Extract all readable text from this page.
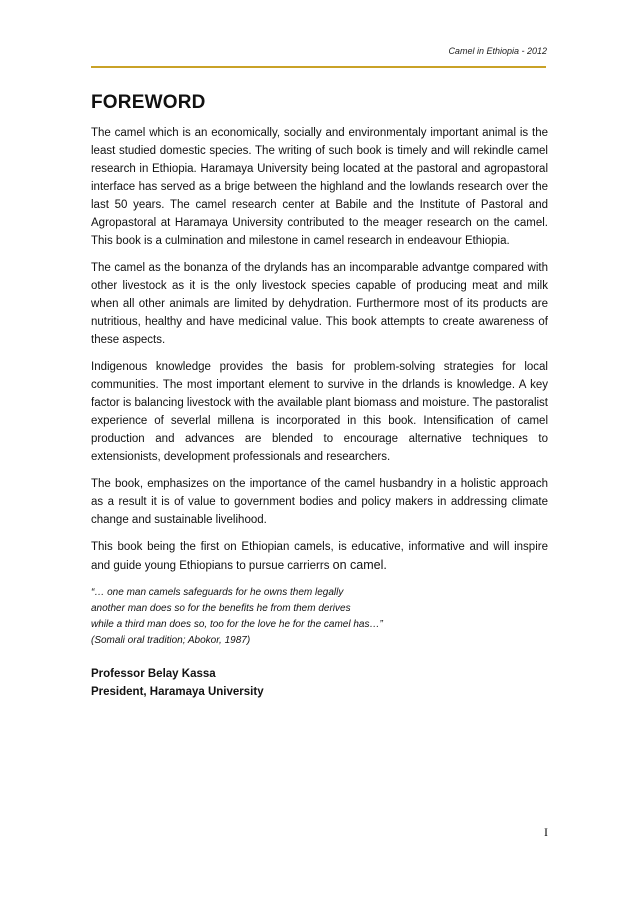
Camel in Ethiopia - 2012
FOREWORD

The camel which is an economically, socially and environmentaly important animal is the least studied domestic species. The writing of such book is timely and will rekindle camel research in Ethiopia. Haramaya University being located at the pastoral and agropastoral interface has served as a brige between the highland and the lowlands research over the last 50 years. The camel research center at Babile and the Institute of Pastoral and Agropastoral at Haramaya University contributed to the meager research on the camel. This book is a culmination and milestone in camel research in endeavour Ethiopia.

The camel as the bonanza of the drylands has an incomparable advantge compared with other livestock as it is the only livestock species capable of producing meat and milk when all other animals are limited by dehydration. Furthermore most of its products are nutritious, healthy and have medicinal value. This book attempts to create awareness of these aspects.

Indigenous knowledge provides the basis for problem-solving strategies for local communities. The most important element to survive in the drlands is knowledge. A key factor is balancing livestock with the available plant biomass and moisture. The pastoralist experience of severlal millena is incorporated in this book. Intensification of camel production and advances are blended to encourage alternative techniques to extensionists, development professionals and researchers.

The book, emphasizes on the importance of the camel husbandry in a holistic approach as a result it is of value to government bodies and policy makers in addressing climate change and sustainable livelihood.

This book being the first on Ethiopian camels, is educative, informative and will inspire and guide young Ethiopians to pursue carrierrs on camel.

“… one man camels safeguards for he owns them legally
another man does so for the benefits he from them derives
while a third man does so, too for the love he for the camel has…”
(Somali oral tradition; Abokor, 1987)
Professor Belay Kassa
President, Haramaya University
I
